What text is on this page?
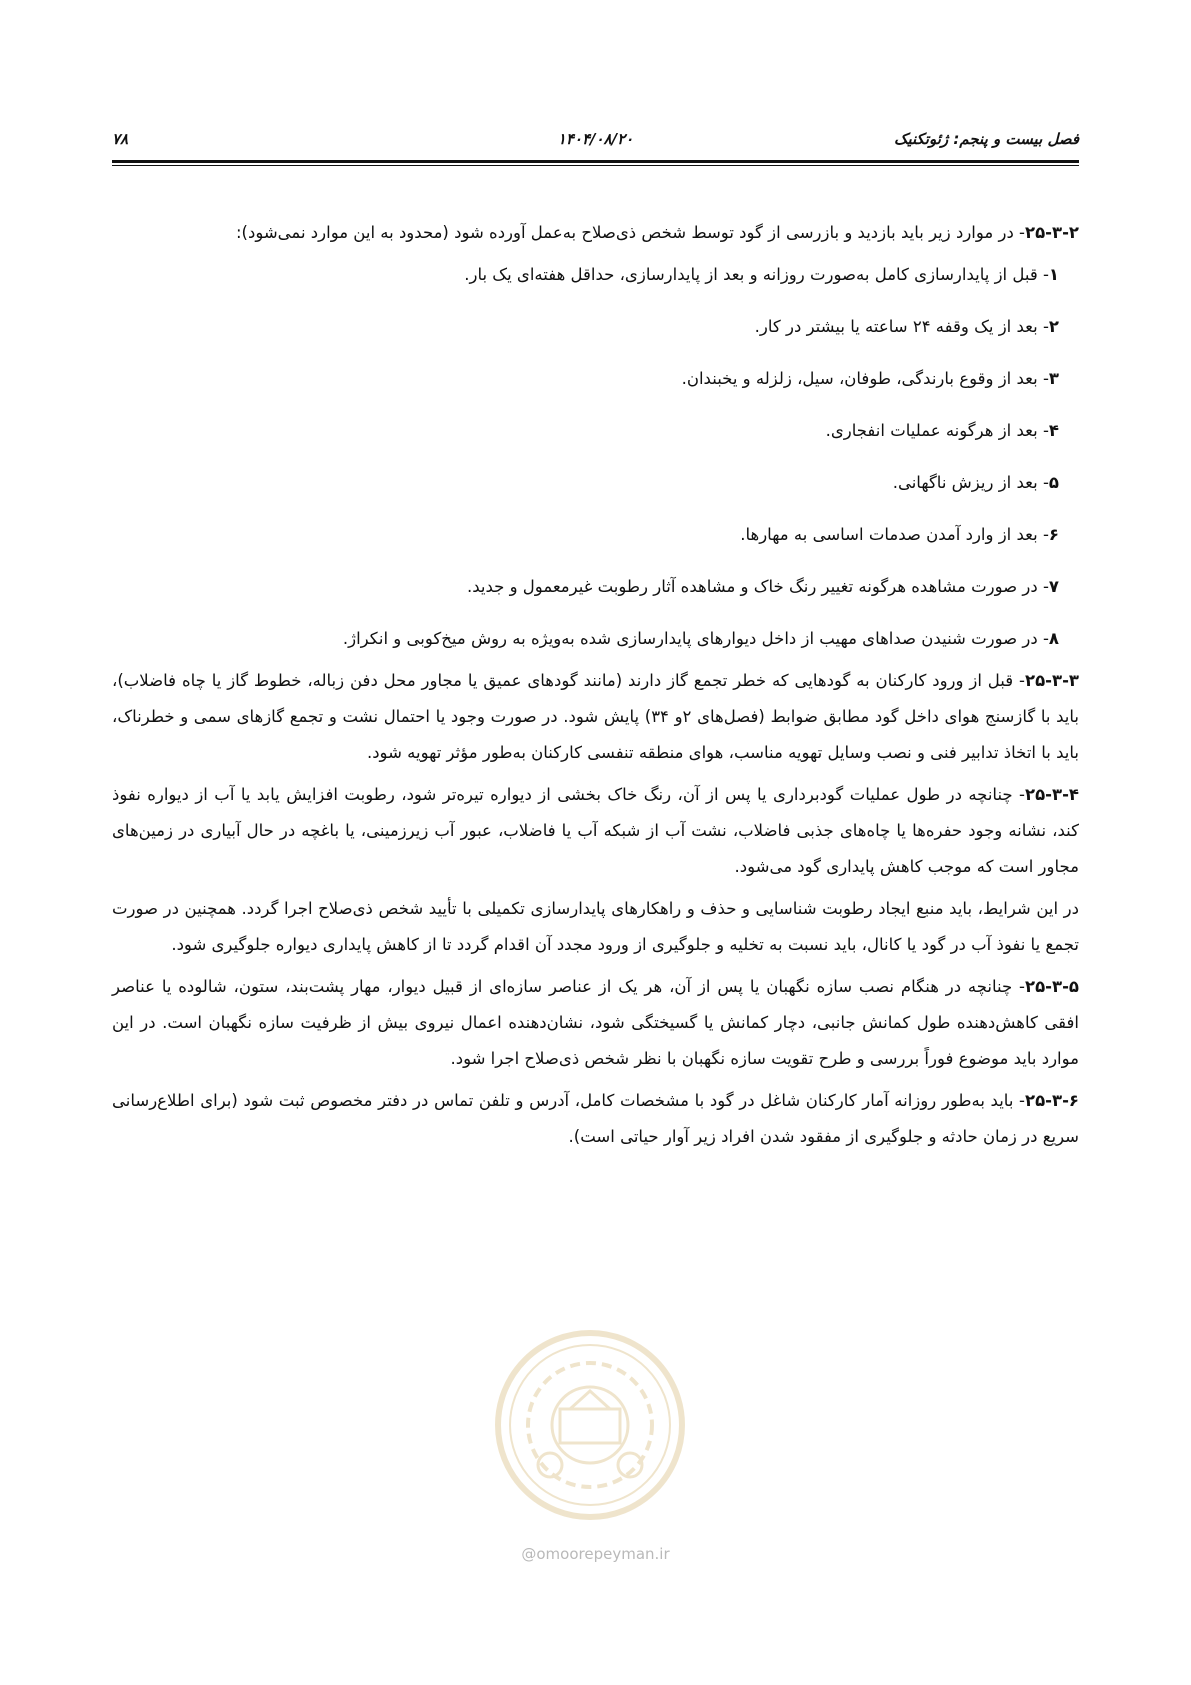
فصل بیست و پنجم: ژئوتکنیک
۱۴۰۴/۰۸/۲۰
۷۸

۲۵-۳-۲- در موارد زیر باید بازدید و بازرسی از گود توسط شخص ذی‌صلاح به‌عمل آورده شود (محدود به این موارد نمی‌شود):

۱- قبل از پایدارسازی کامل به‌صورت روزانه و بعد از پایدارسازی، حداقل هفته‌ای یک بار.
۲- بعد از یک وقفه ۲۴ ساعته یا بیشتر در کار.
۳- بعد از وقوع بارندگی، طوفان، سیل، زلزله و یخبندان.
۴- بعد از هرگونه عملیات انفجاری.
۵- بعد از ریزش ناگهانی.
۶- بعد از وارد آمدن صدمات اساسی به مهارها.
۷- در صورت مشاهده هرگونه تغییر رنگ خاک و مشاهده آثار رطوبت غیرمعمول و جدید.
۸- در صورت شنیدن صداهای مهیب از داخل دیوارهای پایدارسازی شده به‌ویژه به روش میخ‌کوبی و انکراژ.

۲۵-۳-۳- قبل از ورود کارکنان به گودهایی که خطر تجمع گاز دارند (مانند گودهای عمیق یا مجاور محل دفن زباله، خطوط گاز یا چاه فاضلاب)، باید با گازسنج هوای داخل گود مطابق ضوابط (فصل‌های ۲و ۳۴) پایش شود. در صورت وجود یا احتمال نشت و تجمع گازهای سمی و خطرناک، باید با اتخاذ تدابیر فنی و نصب وسایل تهویه مناسب، هوای منطقه تنفسی کارکنان به‌طور مؤثر تهویه شود.

۲۵-۳-۴- چنانچه در طول عملیات گودبرداری یا پس از آن، رنگ خاک بخشی از دیواره تیره‌تر شود، رطوبت افزایش یابد یا آب از دیواره نفوذ کند، نشانه وجود حفره‌ها یا چاه‌های جذبی فاضلاب، نشت آب از شبکه آب یا فاضلاب، عبور آب زیرزمینی، یا باغچه در حال آبیاری در زمین‌های مجاور است که موجب کاهش پایداری گود می‌شود.

در این شرایط، باید منبع ایجاد رطوبت شناسایی و حذف و راهکارهای پایدارسازی تکمیلی با تأیید شخص ذی‌صلاح اجرا گردد. همچنین در صورت تجمع یا نفوذ آب در گود یا کانال، باید نسبت به تخلیه و جلوگیری از ورود مجدد آن اقدام گردد تا از کاهش پایداری دیواره جلوگیری شود.

۲۵-۳-۵- چنانچه در هنگام نصب سازه نگهبان یا پس از آن، هر یک از عناصر سازه‌ای از قبیل دیوار، مهار پشت‌بند، ستون، شالوده یا عناصر افقی کاهش‌دهنده طول کمانش جانبی، دچار کمانش یا گسیختگی شود، نشان‌دهنده اعمال نیروی بیش از ظرفیت سازه نگهبان است. در این موارد باید موضوع فوراً بررسی و طرح تقویت سازه نگهبان با نظر شخص ذی‌صلاح اجرا شود.

۲۵-۳-۶- باید به‌طور روزانه آمار کارکنان شاغل در گود با مشخصات کامل، آدرس و تلفن تماس در دفتر مخصوص ثبت شود (برای اطلاع‌رسانی سریع در زمان حادثه و جلوگیری از مفقود شدن افراد زیر آوار حیاتی است).

@omoorepeyman.ir
